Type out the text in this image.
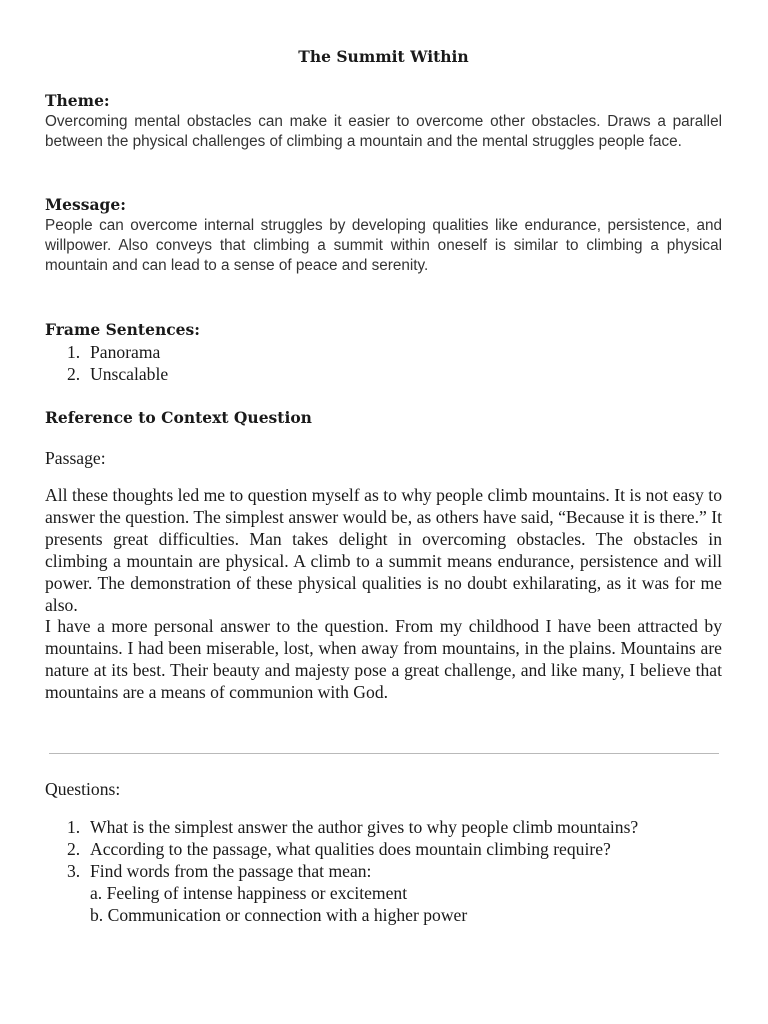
The Summit Within
Theme:

Overcoming mental obstacles can make it easier to overcome other obstacles. Draws a parallel between the physical challenges of climbing a mountain and the mental struggles people face.

Message:

People can overcome internal struggles by developing qualities like endurance, persistence, and willpower. Also conveys that climbing a summit within oneself is similar to climbing a physical mountain and can lead to a sense of peace and serenity.

Frame Sentences:
1. Panorama
2. Unscalable
Reference to Context Question
Passage:

All these thoughts led me to question myself as to why people climb mountains. It is not easy to answer the question. The simplest answer would be, as others have said, “Because it is there.” It presents great difficulties. Man takes delight in overcoming obstacles. The obstacles in climbing a mountain are physical. A climb to a summit means endurance, persistence and will power. The demonstration of these physical qualities is no doubt exhilarating, as it was for me also.

I have a more personal answer to the question. From my childhood I have been attracted by mountains. I had been miserable, lost, when away from mountains, in the plains. Mountains are nature at its best. Their beauty and majesty pose a great challenge, and like many, I believe that mountains are a means of communion with God.

Questions:
1. What is the simplest answer the author gives to why people climb mountains?
2. According to the passage, what qualities does mountain climbing require?
3. Find words from the passage that mean:
a. Feeling of intense happiness or excitement
b. Communication or connection with a higher power
